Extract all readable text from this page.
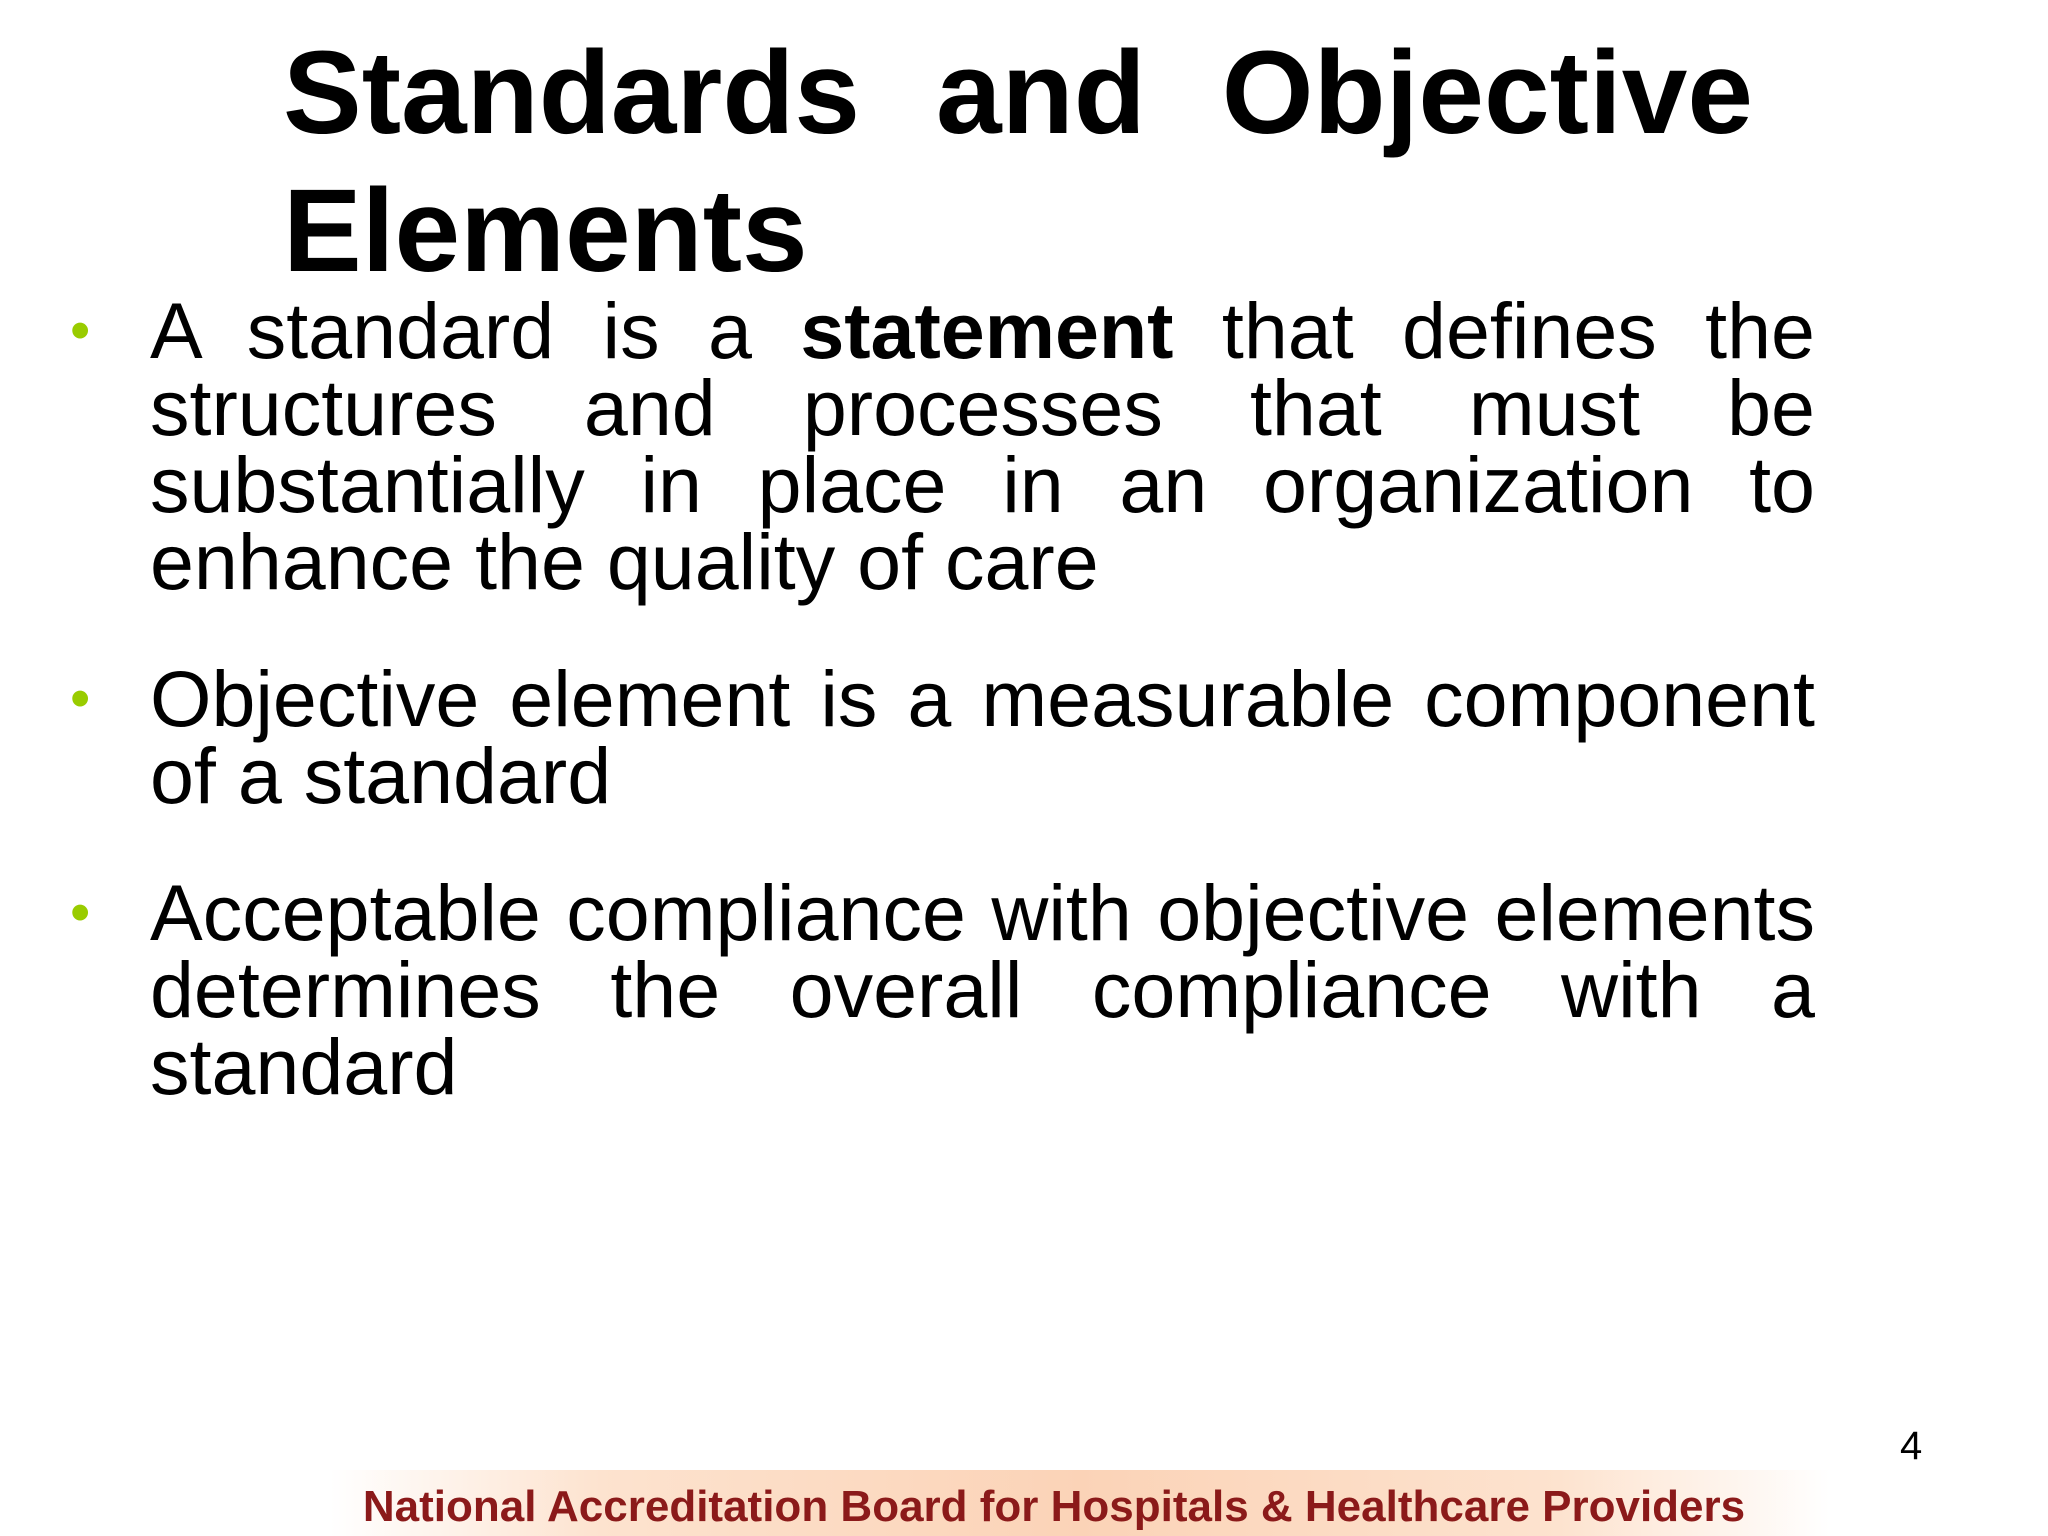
Standards and Objective Elements
• A standard is a statement that defines the structures and processes that must be substantially in place in an organization to enhance the quality of care
• Objective element is a measurable component of a standard
• Acceptable compliance with objective elements determines the overall compliance with a standard
4
National Accreditation Board for Hospitals & Healthcare Providers
